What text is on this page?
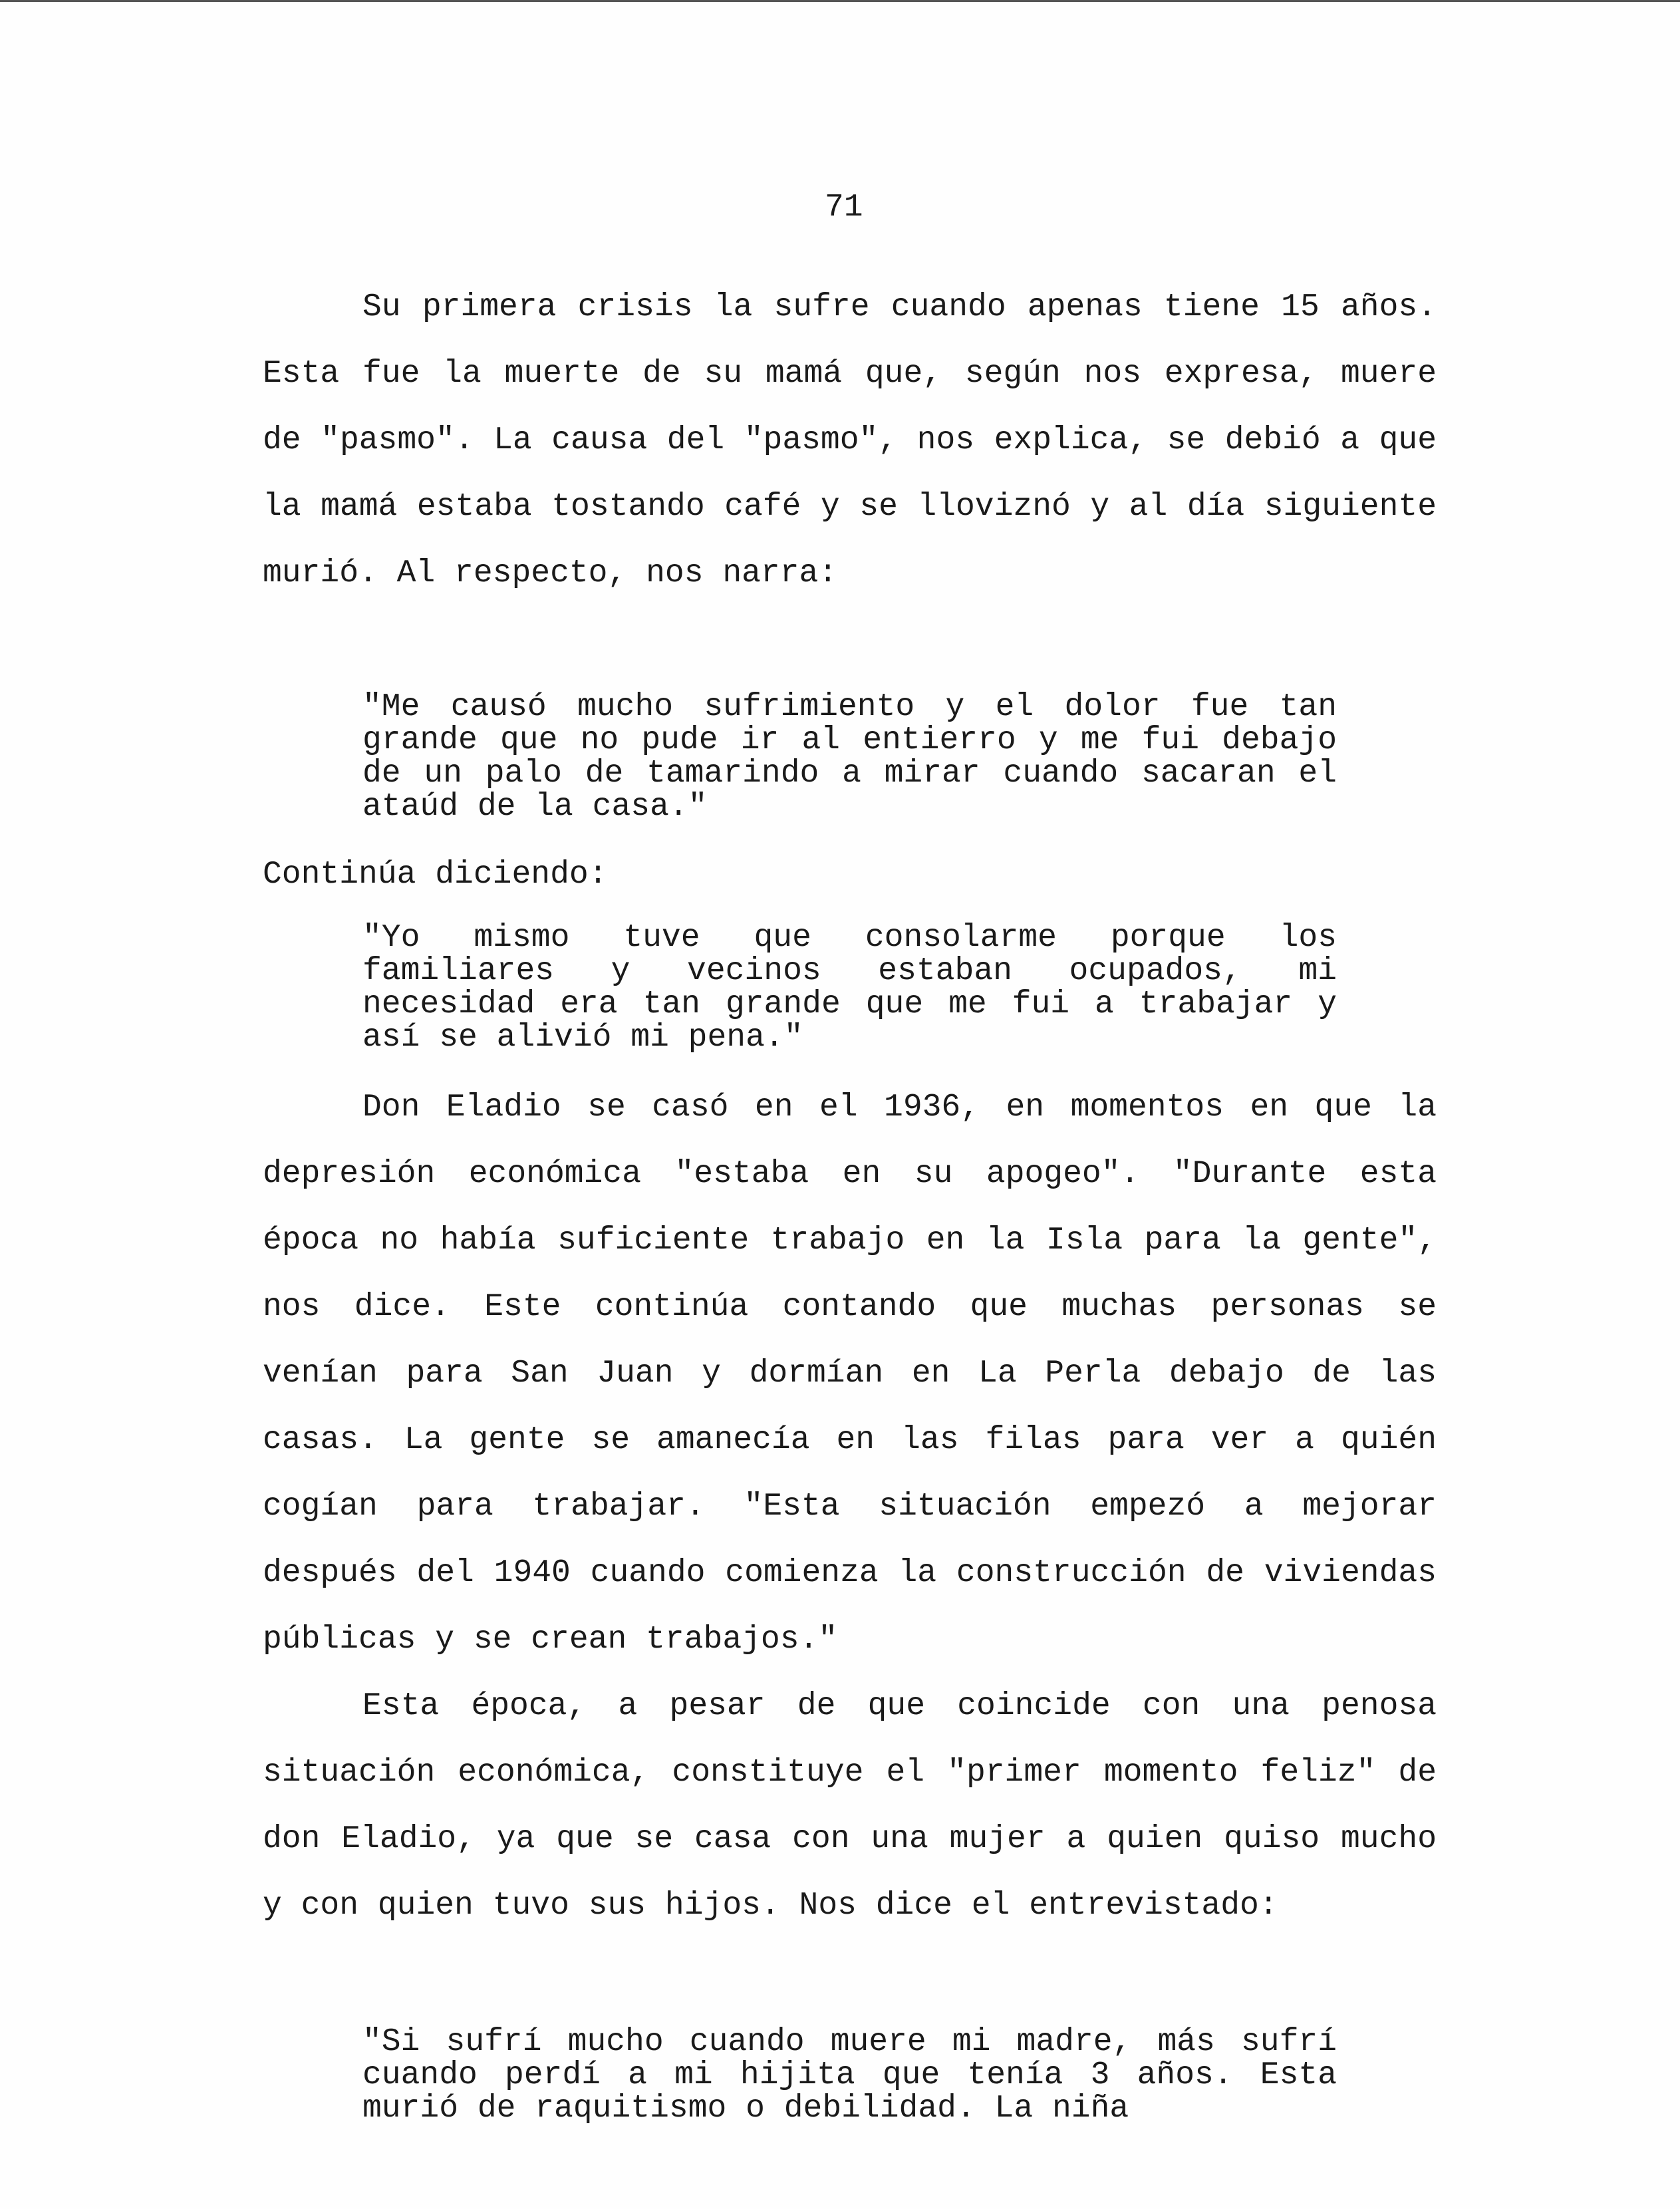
71

Su primera crisis la sufre cuando apenas tiene 15 años. Esta fue la muerte de su mamá que, según nos expresa, muere de "pasmo". La causa del "pasmo", nos explica, se debió a que la mamá estaba tostando café y se lloviznó y al día siguiente murió. Al respecto, nos narra:

"Me causó mucho sufrimiento y el dolor fue tan grande que no pude ir al entierro y me fui debajo de un palo de tamarindo a mirar cuando sacaran el ataúd de la casa."

Continúa diciendo:

"Yo mismo tuve que consolarme porque los familiares y vecinos estaban ocupados, mi necesidad era tan grande que me fui a trabajar y así se alivió mi pena."

Don Eladio se casó en el 1936, en momentos en que la depresión económica "estaba en su apogeo". "Durante esta época no había suficiente trabajo en la Isla para la gente", nos dice. Este continúa contando que muchas personas se venían para San Juan y dormían en La Perla debajo de las casas. La gente se amanecía en las filas para ver a quién cogían para trabajar. "Esta situación empezó a mejorar después del 1940 cuando comienza la construcción de viviendas públicas y se crean trabajos."

Esta época, a pesar de que coincide con una penosa situación económica, constituye el "primer momento feliz" de don Eladio, ya que se casa con una mujer a quien quiso mucho y con quien tuvo sus hijos. Nos dice el entrevistado:

"Si sufrí mucho cuando muere mi madre, más sufrí cuando perdí a mi hijita que tenía 3 años. Esta murió de raquitismo o debilidad. La niña
